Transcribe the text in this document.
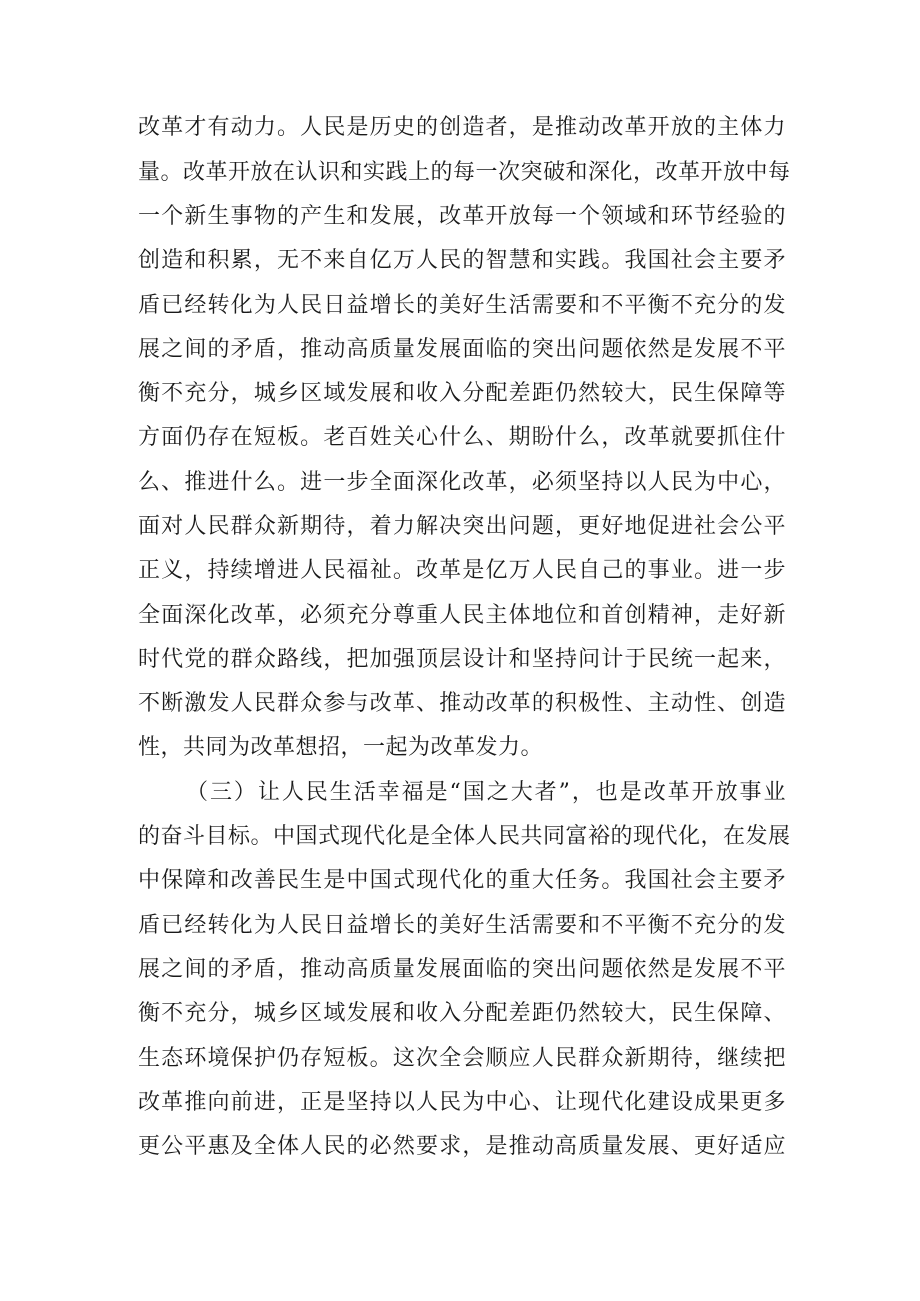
改革才有动力。人民是历史的创造者，是推动改革开放的主体力
量。改革开放在认识和实践上的每一次突破和深化，改革开放中每
一个新生事物的产生和发展，改革开放每一个领域和环节经验的
创造和积累，无不来自亿万人民的智慧和实践。我国社会主要矛
盾已经转化为人民日益增长的美好生活需要和不平衡不充分的发
展之间的矛盾，推动高质量发展面临的突出问题依然是发展不平
衡不充分，城乡区域发展和收入分配差距仍然较大，民生保障等
方面仍存在短板。老百姓关心什么、期盼什么，改革就要抓住什
么、推进什么。进一步全面深化改革，必须坚持以人民为中心，
面对人民群众新期待，着力解决突出问题，更好地促进社会公平
正义，持续增进人民福祉。改革是亿万人民自己的事业。进一步
全面深化改革，必须充分尊重人民主体地位和首创精神，走好新
时代党的群众路线，把加强顶层设计和坚持问计于民统一起来，
不断激发人民群众参与改革、推动改革的积极性、主动性、创造
性，共同为改革想招，一起为改革发力。
（三）让人民生活幸福是“国之大者”，也是改革开放事业
的奋斗目标。中国式现代化是全体人民共同富裕的现代化，在发展
中保障和改善民生是中国式现代化的重大任务。我国社会主要矛
盾已经转化为人民日益增长的美好生活需要和不平衡不充分的发
展之间的矛盾，推动高质量发展面临的突出问题依然是发展不平
衡不充分，城乡区域发展和收入分配差距仍然较大，民生保障、
生态环境保护仍存短板。这次全会顺应人民群众新期待，继续把
改革推向前进，正是坚持以人民为中心、让现代化建设成果更多
更公平惠及全体人民的必然要求，是推动高质量发展、更好适应
